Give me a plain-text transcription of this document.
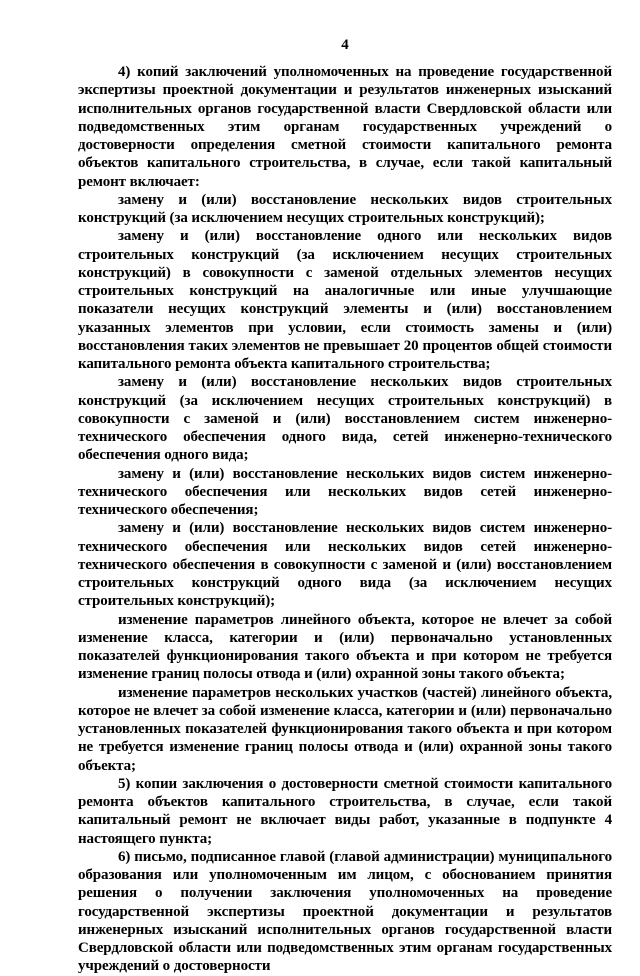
4

4) копий заключений уполномоченных на проведение государственной экспертизы проектной документации и результатов инженерных изысканий исполнительных органов государственной власти Свердловской области или подведомственных этим органам государственных учреждений о достоверности определения сметной стоимости капитального ремонта объектов капитального строительства, в случае, если такой капитальный ремонт включает:

замену и (или) восстановление нескольких видов строительных конструкций (за исключением несущих строительных конструкций);

замену и (или) восстановление одного или нескольких видов строительных конструкций (за исключением несущих строительных конструкций) в совокупности с заменой отдельных элементов несущих строительных конструкций на аналогичные или иные улучшающие показатели несущих конструкций элементы и (или) восстановлением указанных элементов при условии, если стоимость замены и (или) восстановления таких элементов не превышает 20 процентов общей стоимости капитального ремонта объекта капитального строительства;

замену и (или) восстановление нескольких видов строительных конструкций (за исключением несущих строительных конструкций) в совокупности с заменой и (или) восстановлением систем инженерно-технического обеспечения одного вида, сетей инженерно-технического обеспечения одного вида;

замену и (или) восстановление нескольких видов систем инженерно-технического обеспечения или нескольких видов сетей инженерно-технического обеспечения;

замену и (или) восстановление нескольких видов систем инженерно-технического обеспечения или нескольких видов сетей инженерно-технического обеспечения в совокупности с заменой и (или) восстановлением строительных конструкций одного вида (за исключением несущих строительных конструкций);

изменение параметров линейного объекта, которое не влечет за собой изменение класса, категории и (или) первоначально установленных показателей функционирования такого объекта и при котором не требуется изменение границ полосы отвода и (или) охранной зоны такого объекта;

изменение параметров нескольких участков (частей) линейного объекта, которое не влечет за собой изменение класса, категории и (или) первоначально установленных показателей функционирования такого объекта и при котором не требуется изменение границ полосы отвода и (или) охранной зоны такого объекта;

5) копии заключения о достоверности сметной стоимости капитального ремонта объектов капитального строительства, в случае, если такой капитальный ремонт не включает виды работ, указанные в подпункте 4 настоящего пункта;

6) письмо, подписанное главой (главой администрации) муниципального образования или уполномоченным им лицом, с обоснованием принятия решения о получении заключения уполномоченных на проведение государственной экспертизы проектной документации и результатов инженерных изысканий исполнительных органов государственной власти Свердловской области или подведомственных этим органам государственных учреждений о достоверности
